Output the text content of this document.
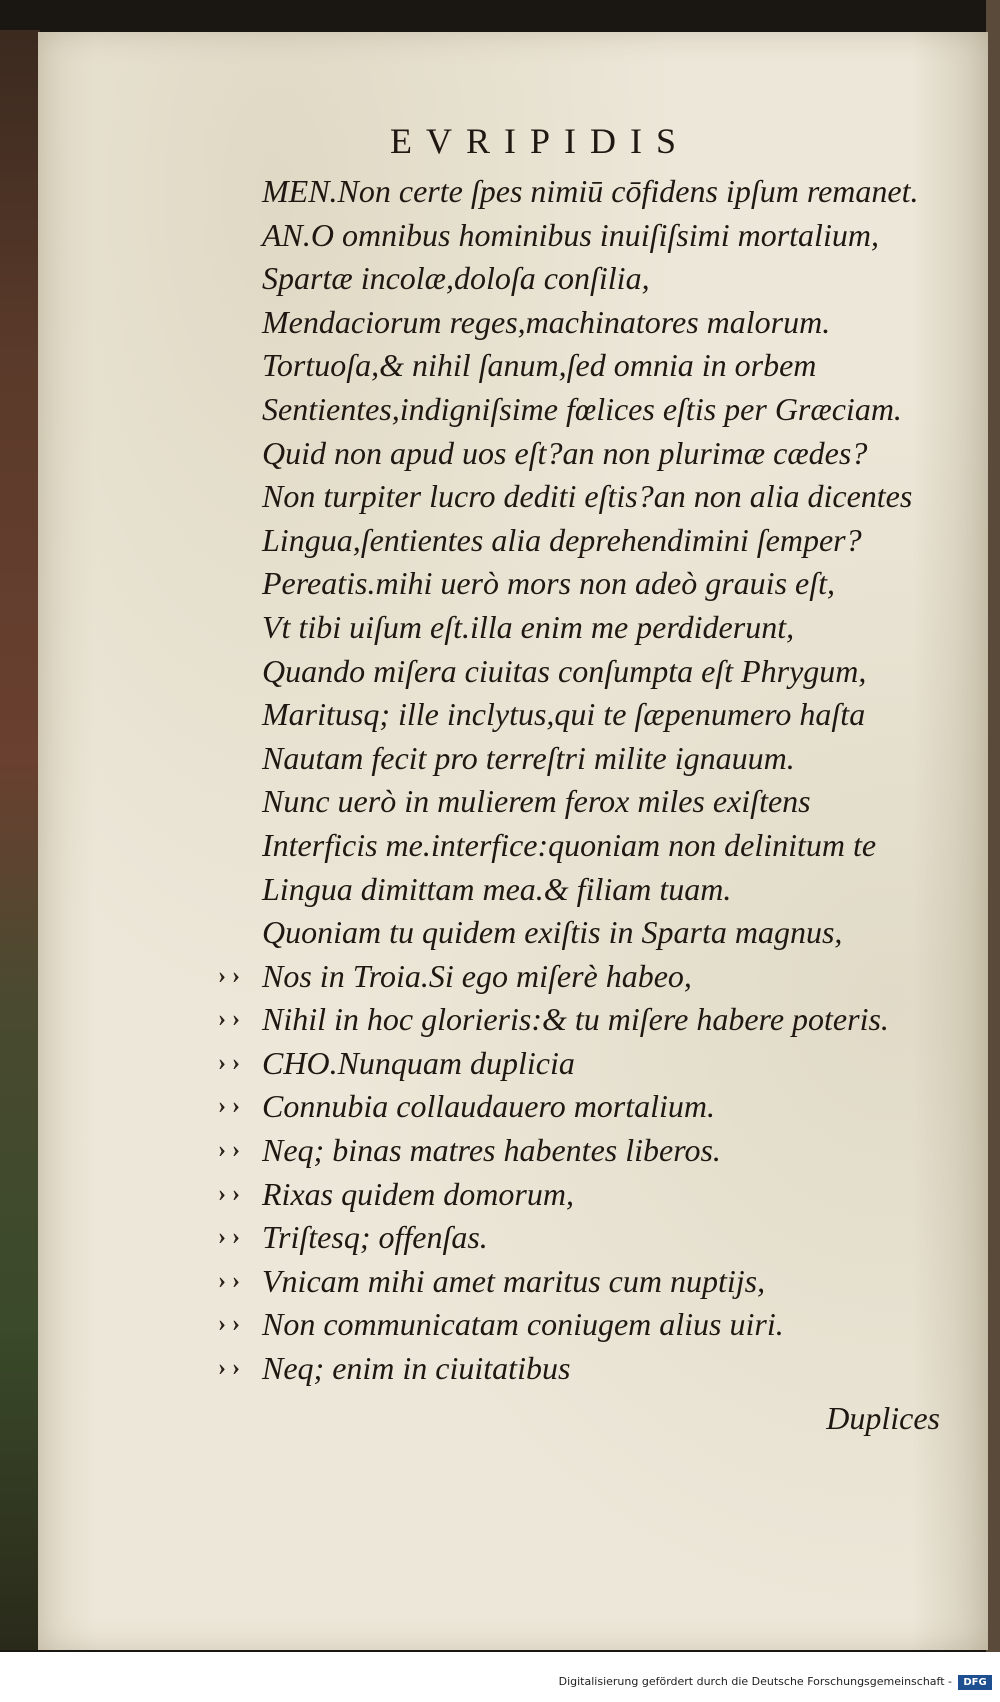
EVRIPIDIS
MEN.Non certe ſpes nimiū cōfidens ipſum remanet.
AN.O omnibus hominibus inuiſiſsimi mortalium,
Spartæ incolæ,doloſa conſilia,
Mendaciorum reges,machinatores malorum.
Tortuoſa,& nihil ſanum,ſed omnia in orbem
Sentientes,indigniſsime fœlices eſtis per Græciam.
Quid non apud uos eſt?an non plurimæ cædes?
Non turpiter lucro dediti eſtis?an non alia dicentes
Lingua,ſentientes alia deprehendimini ſemper?
Pereatis.mihi uerò mors non adeò grauis eſt,
Vt tibi uiſum eſt.illa enim me perdiderunt,
Quando miſera ciuitas conſumpta eſt Phrygum,
Maritusq; ille inclytus,qui te ſæpenumero haſta
Nautam fecit pro terreſtri milite ignauum.
Nunc uerò in mulierem ferox miles exiſtens
Interficis me.interfice:quoniam non delinitum te
Lingua dimittam mea.& filiam tuam.
Quoniam tu quidem exiſtis in Sparta magnus,
› › Nos in Troia.Si ego miſerè habeo,
› › Nihil in hoc glorieris:& tu miſere habere poteris.
› › CHO.Nunquam duplicia
› › Connubia collaudauero mortalium.
› › Neq; binas matres habentes liberos.
› › Rixas quidem domorum,
› › Triſtesq; offenſas.
› › Vnicam mihi amet maritus cum nuptijs,
› › Non communicatam coniugem alius uiri.
› › Neq; enim in ciuitatibus
Duplices
Digitalisierung gefördert durch die Deutsche Forschungsgemeinschaft -	DFG
